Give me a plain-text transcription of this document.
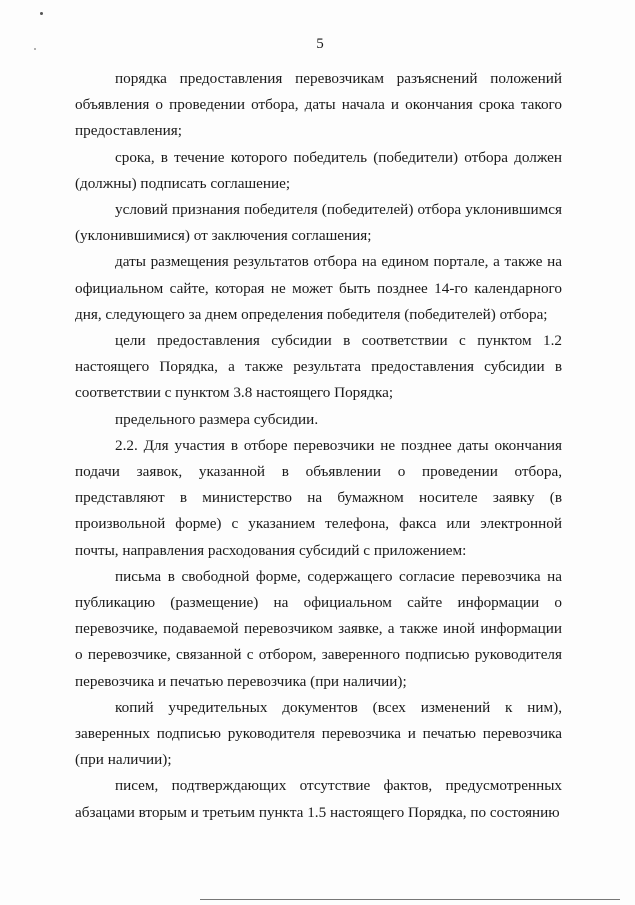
5

порядка предоставления перевозчикам разъяснений положений объявления о проведении отбора, даты начала и окончания срока такого предоставления;

срока, в течение которого победитель (победители) отбора должен (должны) подписать соглашение;

условий признания победителя (победителей) отбора уклонившимся (уклонившимися) от заключения соглашения;

даты размещения результатов отбора на едином портале, а также на официальном сайте, которая не может быть позднее 14-го календарного дня, следующего за днем определения победителя (победителей) отбора;

цели предоставления субсидии в соответствии с пунктом 1.2 настоящего Порядка, а также результата предоставления субсидии в соответствии с пунктом 3.8 настоящего Порядка;

предельного размера субсидии.

2.2. Для участия в отборе перевозчики не позднее даты окончания подачи заявок, указанной в объявлении о проведении отбора, представляют в министерство на бумажном носителе заявку (в произвольной форме) с указанием телефона, факса или электронной почты, направления расходования субсидий с приложением:

письма в свободной форме, содержащего согласие перевозчика на публикацию (размещение) на официальном сайте информации о перевозчике, подаваемой перевозчиком заявке, а также иной информации о перевозчике, связанной с отбором, заверенного подписью руководителя перевозчика и печатью перевозчика (при наличии);

копий учредительных документов (всех изменений к ним), заверенных подписью руководителя перевозчика и печатью перевозчика (при наличии);

писем, подтверждающих отсутствие фактов, предусмотренных абзацами вторым и третьим пункта 1.5 настоящего Порядка, по состоянию
